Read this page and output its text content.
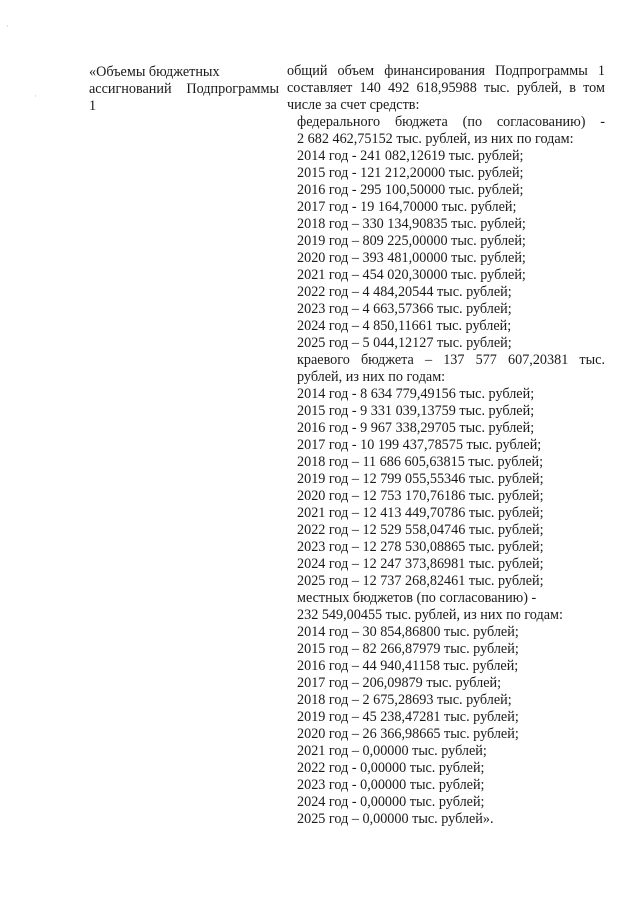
·
·
«Объемы бюджетных
ассигнований Подпрограммы
1
общий объем финансирования Подпрограммы 1
составляет 140 492 618,95988 тыс. рублей, в том
числе за счет средств:
федерального бюджета (по согласованию) -
2 682 462,75152 тыс. рублей, из них по годам:
2014 год - 241 082,12619 тыс. рублей;
2015 год - 121 212,20000 тыс. рублей;
2016 год - 295 100,50000 тыс. рублей;
2017 год - 19 164,70000 тыс. рублей;
2018 год – 330 134,90835 тыс. рублей;
2019 год – 809 225,00000 тыс. рублей;
2020 год – 393 481,00000 тыс. рублей;
2021 год – 454 020,30000 тыс. рублей;
2022 год – 4 484,20544 тыс. рублей;
2023 год – 4 663,57366 тыс. рублей;
2024 год – 4 850,11661 тыс. рублей;
2025 год – 5 044,12127 тыс. рублей;
краевого бюджета – 137 577 607,20381 тыс.
рублей, из них по годам:
2014 год - 8 634 779,49156 тыс. рублей;
2015 год - 9 331 039,13759 тыс. рублей;
2016 год - 9 967 338,29705 тыс. рублей;
2017 год - 10 199 437,78575 тыс. рублей;
2018 год – 11 686 605,63815 тыс. рублей;
2019 год – 12 799 055,55346 тыс. рублей;
2020 год – 12 753 170,76186 тыс. рублей;
2021 год – 12 413 449,70786 тыс. рублей;
2022 год – 12 529 558,04746 тыс. рублей;
2023 год – 12 278 530,08865 тыс. рублей;
2024 год – 12 247 373,86981 тыс. рублей;
2025 год – 12 737 268,82461 тыс. рублей;
местных бюджетов (по согласованию) -
232 549,00455 тыс. рублей, из них по годам:
2014 год – 30 854,86800 тыс. рублей;
2015 год – 82 266,87979 тыс. рублей;
2016 год – 44 940,41158 тыс. рублей;
2017 год – 206,09879 тыс. рублей;
2018 год – 2 675,28693 тыс. рублей;
2019 год – 45 238,47281 тыс. рублей;
2020 год – 26 366,98665 тыс. рублей;
2021 год – 0,00000 тыс. рублей;
2022 год - 0,00000 тыс. рублей;
2023 год - 0,00000 тыс. рублей;
2024 год - 0,00000 тыс. рублей;
2025 год – 0,00000 тыс. рублей».
